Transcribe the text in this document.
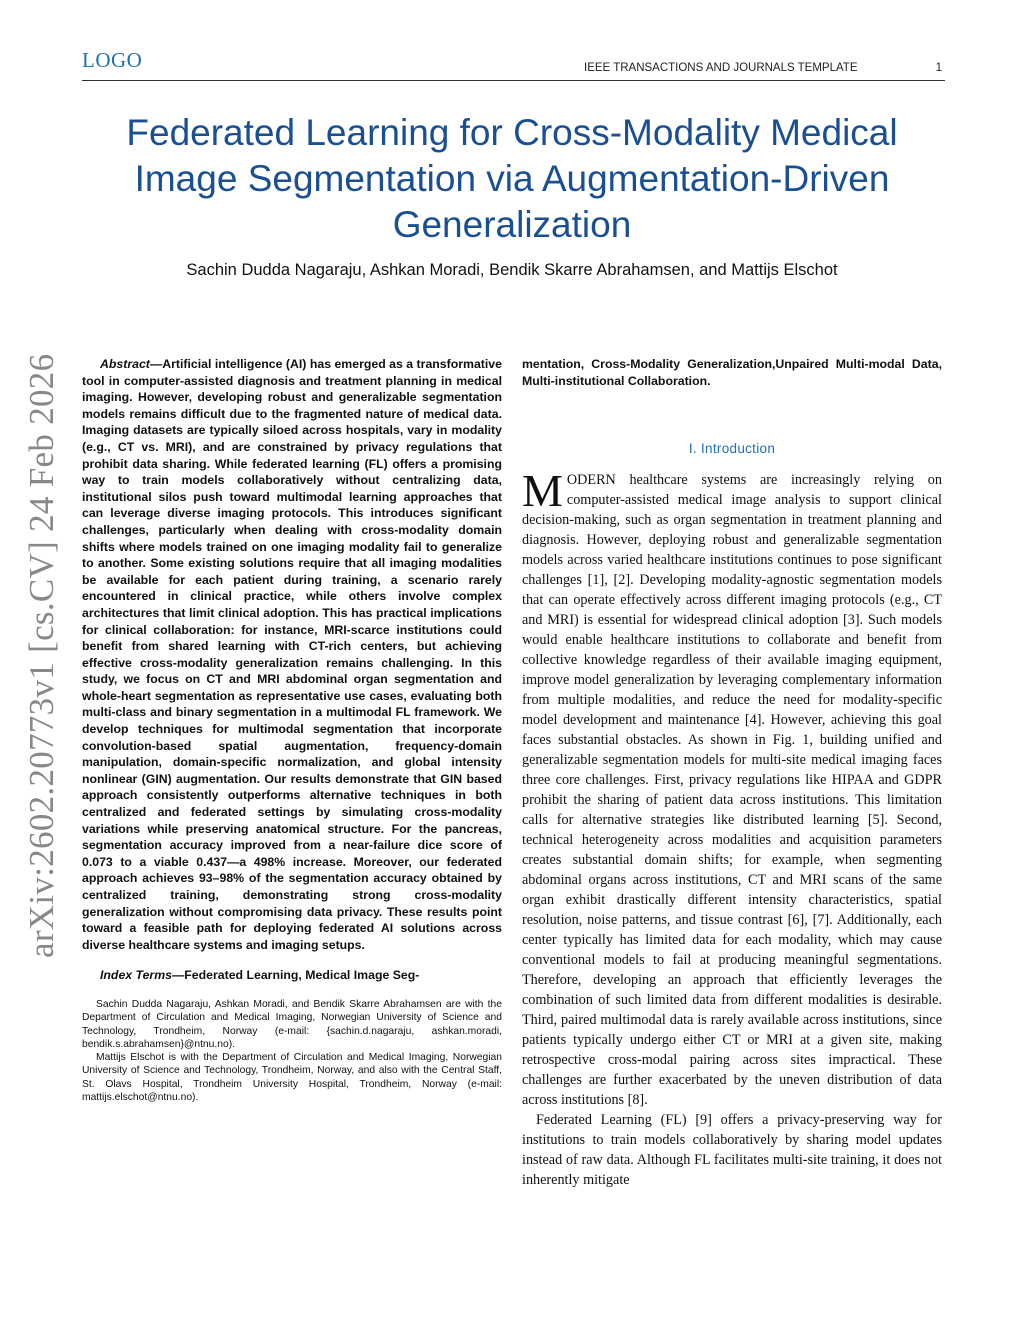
LOGO	IEEE TRANSACTIONS AND JOURNALS TEMPLATE	1
arXiv:2602.20773v1 [cs.CV] 24 Feb 2026
Federated Learning for Cross-Modality Medical Image Segmentation via Augmentation-Driven Generalization
Sachin Dudda Nagaraju, Ashkan Moradi, Bendik Skarre Abrahamsen, and Mattijs Elschot

Abstract—Artificial intelligence (AI) has emerged as a transformative tool in computer-assisted diagnosis and treatment planning in medical imaging. However, developing robust and generalizable segmentation models remains difficult due to the fragmented nature of medical data. Imaging datasets are typically siloed across hospitals, vary in modality (e.g., CT vs. MRI), and are constrained by privacy regulations that prohibit data sharing. While federated learning (FL) offers a promising way to train models collaboratively without centralizing data, institutional silos push toward multimodal learning approaches that can leverage diverse imaging protocols. This introduces significant challenges, particularly when dealing with cross-modality domain shifts where models trained on one imaging modality fail to generalize to another. Some existing solutions require that all imaging modalities be available for each patient during training, a scenario rarely encountered in clinical practice, while others involve complex architectures that limit clinical adoption. This has practical implications for clinical collaboration: for instance, MRI-scarce institutions could benefit from shared learning with CT-rich centers, but achieving effective cross-modality generalization remains challenging. In this study, we focus on CT and MRI abdominal organ segmentation and whole-heart segmentation as representative use cases, evaluating both multi-class and binary segmentation in a multimodal FL framework. We develop techniques for multimodal segmentation that incorporate convolution-based spatial augmentation, frequency-domain manipulation, domain-specific normalization, and global intensity nonlinear (GIN) augmentation. Our results demonstrate that GIN based approach consistently outperforms alternative techniques in both centralized and federated settings by simulating cross-modality variations while preserving anatomical structure. For the pancreas, segmentation accuracy improved from a near-failure dice score of 0.073 to a viable 0.437—a 498% increase. Moreover, our federated approach achieves 93–98% of the segmentation accuracy obtained by centralized training, demonstrating strong cross-modality generalization without compromising data privacy. These results point toward a feasible path for deploying federated AI solutions across diverse healthcare systems and imaging setups.

Index Terms—Federated Learning, Medical Image Seg-

Sachin Dudda Nagaraju, Ashkan Moradi, and Bendik Skarre Abrahamsen are with the Department of Circulation and Medical Imaging, Norwegian University of Science and Technology, Trondheim, Norway (e-mail: {sachin.d.nagaraju, ashkan.moradi, bendik.s.abrahamsen}@ntnu.no).

Mattijs Elschot is with the Department of Circulation and Medical Imaging, Norwegian University of Science and Technology, Trondheim, Norway, and also with the Central Staff, St. Olavs Hospital, Trondheim University Hospital, Trondheim, Norway (e-mail: mattijs.elschot@ntnu.no).

mentation, Cross-Modality Generalization,Unpaired Multi-modal Data, Multi-institutional Collaboration.

I. Introduction

MODERN healthcare systems are increasingly relying on computer-assisted medical image analysis to support clinical decision-making, such as organ segmentation in treatment planning and diagnosis. However, deploying robust and generalizable segmentation models across varied healthcare institutions continues to pose significant challenges [1], [2]. Developing modality-agnostic segmentation models that can operate effectively across different imaging protocols (e.g., CT and MRI) is essential for widespread clinical adoption [3]. Such models would enable healthcare institutions to collaborate and benefit from collective knowledge regardless of their available imaging equipment, improve model generalization by leveraging complementary information from multiple modalities, and reduce the need for modality-specific model development and maintenance [4]. However, achieving this goal faces substantial obstacles. As shown in Fig. 1, building unified and generalizable segmentation models for multi-site medical imaging faces three core challenges. First, privacy regulations like HIPAA and GDPR prohibit the sharing of patient data across institutions. This limitation calls for alternative strategies like distributed learning [5]. Second, technical heterogeneity across modalities and acquisition parameters creates substantial domain shifts; for example, when segmenting abdominal organs across institutions, CT and MRI scans of the same organ exhibit drastically different intensity characteristics, spatial resolution, noise patterns, and tissue contrast [6], [7]. Additionally, each center typically has limited data for each modality, which may cause conventional models to fail at producing meaningful segmentations. Therefore, developing an approach that efficiently leverages the combination of such limited data from different modalities is desirable. Third, paired multimodal data is rarely available across institutions, since patients typically undergo either CT or MRI at a given site, making retrospective cross-modal pairing across sites impractical. These challenges are further exacerbated by the uneven distribution of data across institutions [8].

Federated Learning (FL) [9] offers a privacy-preserving way for institutions to train models collaboratively by sharing model updates instead of raw data. Although FL facilitates multi-site training, it does not inherently mitigate
